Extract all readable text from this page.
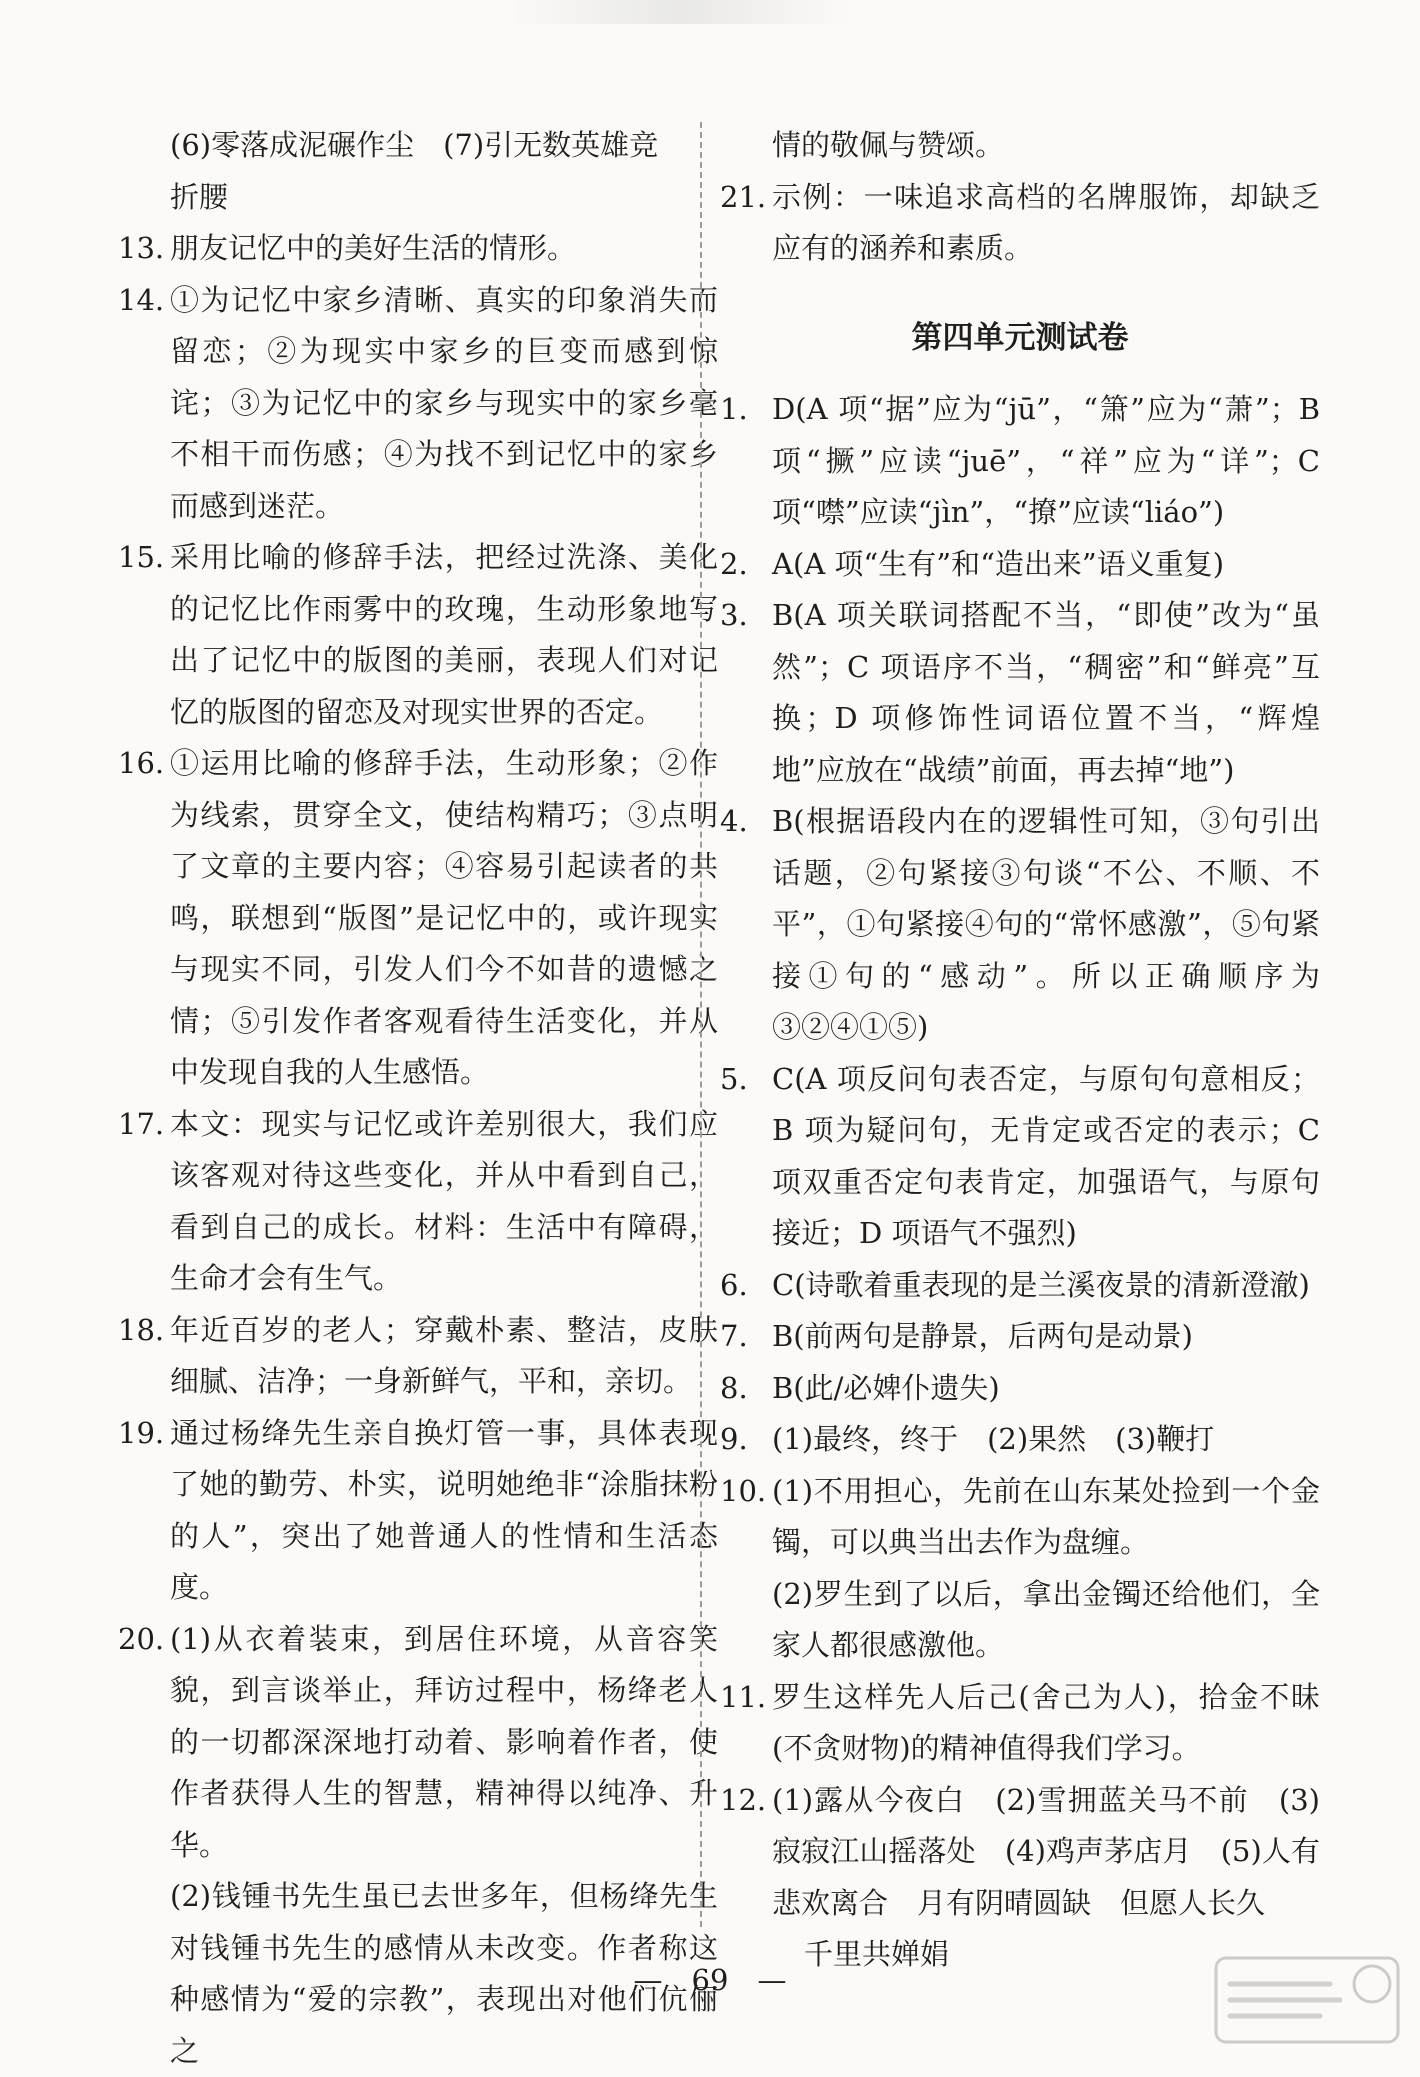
(6)零落成泥碾作尘　(7)引无数英雄竞
折腰
13. 朋友记忆中的美好生活的情形。
14. ①为记忆中家乡清晰、真实的印象消失而留恋；②为现实中家乡的巨变而感到惊诧；③为记忆中的家乡与现实中的家乡毫不相干而伤感；④为找不到记忆中的家乡而感到迷茫。
15. 采用比喻的修辞手法，把经过洗涤、美化的记忆比作雨雾中的玫瑰，生动形象地写出了记忆中的版图的美丽，表现人们对记忆的版图的留恋及对现实世界的否定。
16. ①运用比喻的修辞手法，生动形象；②作为线索，贯穿全文，使结构精巧；③点明了文章的主要内容；④容易引起读者的共鸣，联想到“版图”是记忆中的，或许现实与现实不同，引发人们今不如昔的遗憾之情；⑤引发作者客观看待生活变化，并从中发现自我的人生感悟。
17. 本文：现实与记忆或许差别很大，我们应该客观对待这些变化，并从中看到自己，看到自己的成长。材料：生活中有障碍，生命才会有生气。
18. 年近百岁的老人；穿戴朴素、整洁，皮肤细腻、洁净；一身新鲜气，平和，亲切。
19. 通过杨绛先生亲自换灯管一事，具体表现了她的勤劳、朴实，说明她绝非“涂脂抹粉的人”，突出了她普通人的性情和生活态度。
20. (1)从衣着装束，到居住环境，从音容笑貌，到言谈举止，拜访过程中，杨绛老人的一切都深深地打动着、影响着作者，使作者获得人生的智慧，精神得以纯净、升华。
(2)钱锺书先生虽已去世多年，但杨绛先生对钱锺书先生的感情从未改变。作者称这种感情为“爱的宗教”，表现出对他们伉俪之
情的敬佩与赞颂。
21. 示例：一味追求高档的名牌服饰，却缺乏应有的涵养和素质。
第四单元测试卷
1. D(A 项“据”应为“jū”，“箫”应为“萧”；B 项“撅”应读“juē”，“祥”应为“详”；C 项“噤”应读“jìn”，“撩”应读“liáo”)
2. A(A 项“生有”和“造出来”语义重复)
3. B(A 项关联词搭配不当，“即使”改为“虽然”；C 项语序不当，“稠密”和“鲜亮”互换；D 项修饰性词语位置不当，“辉煌地”应放在“战绩”前面，再去掉“地”)
4. B(根据语段内在的逻辑性可知，③句引出话题，②句紧接③句谈“不公、不顺、不平”，①句紧接④句的“常怀感激”，⑤句紧接①句的“感动”。所以正确顺序为③②④①⑤)
5. C(A 项反问句表否定，与原句句意相反；B 项为疑问句，无肯定或否定的表示；C 项双重否定句表肯定，加强语气，与原句接近；D 项语气不强烈)
6. C(诗歌着重表现的是兰溪夜景的清新澄澈)
7. B(前两句是静景，后两句是动景)
8. B(此/必婢仆遗失)
9. (1)最终，终于　(2)果然　(3)鞭打
10. (1)不用担心，先前在山东某处捡到一个金镯，可以典当出去作为盘缠。
(2)罗生到了以后，拿出金镯还给他们，全家人都很感激他。
11. 罗生这样先人后己(舍己为人)，拾金不昧(不贪财物)的精神值得我们学习。
12. (1)露从今夜白　(2)雪拥蓝关马不前　(3)寂寂江山摇落处　(4)鸡声茅店月　(5)人有悲欢离合　月有阴晴圆缺　但愿人长久
千里共婵娟
—　69　—
